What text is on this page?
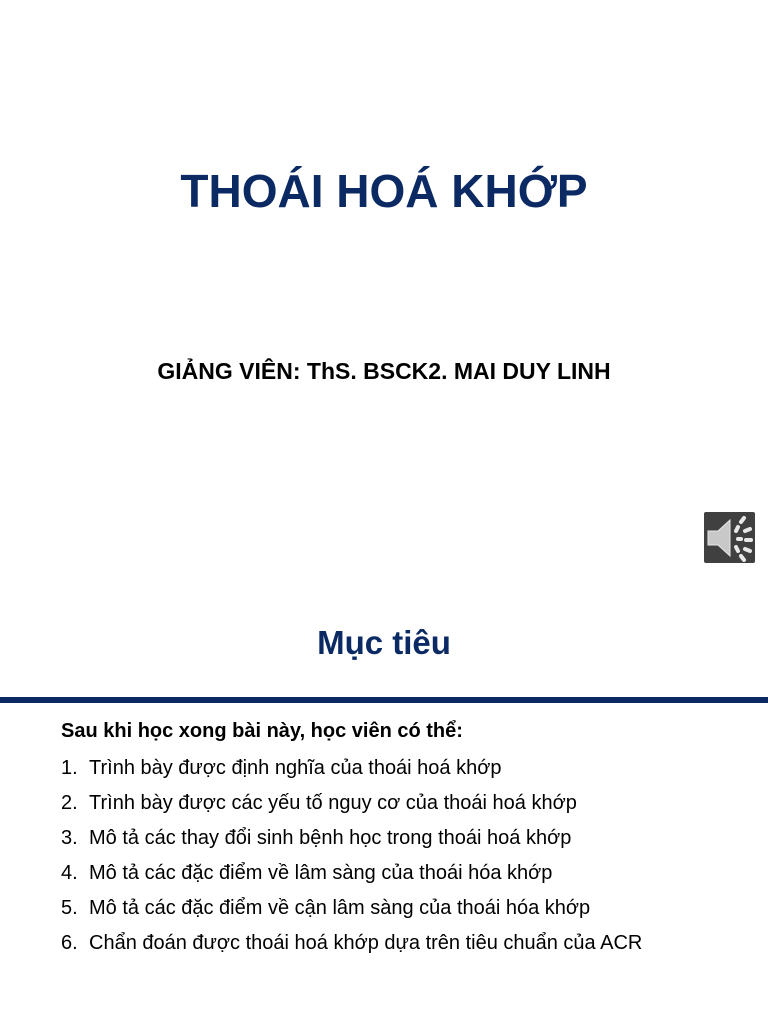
THOÁI HOÁ KHỚP
GIẢNG VIÊN: ThS. BSCK2. MAI DUY LINH
Mục tiêu

Sau khi học xong bài này, học viên có thể:

1. Trình bày được định nghĩa của thoái hoá khớp
2. Trình bày được các yếu tố nguy cơ của thoái hoá khớp
3. Mô tả các thay đổi sinh bệnh học trong thoái hoá khớp
4. Mô tả các đặc điểm về lâm sàng của thoái hóa khớp
5. Mô tả các đặc điểm về cận lâm sàng của thoái hóa khớp
6. Chẩn đoán được thoái hoá khớp dựa trên tiêu chuẩn của ACR
